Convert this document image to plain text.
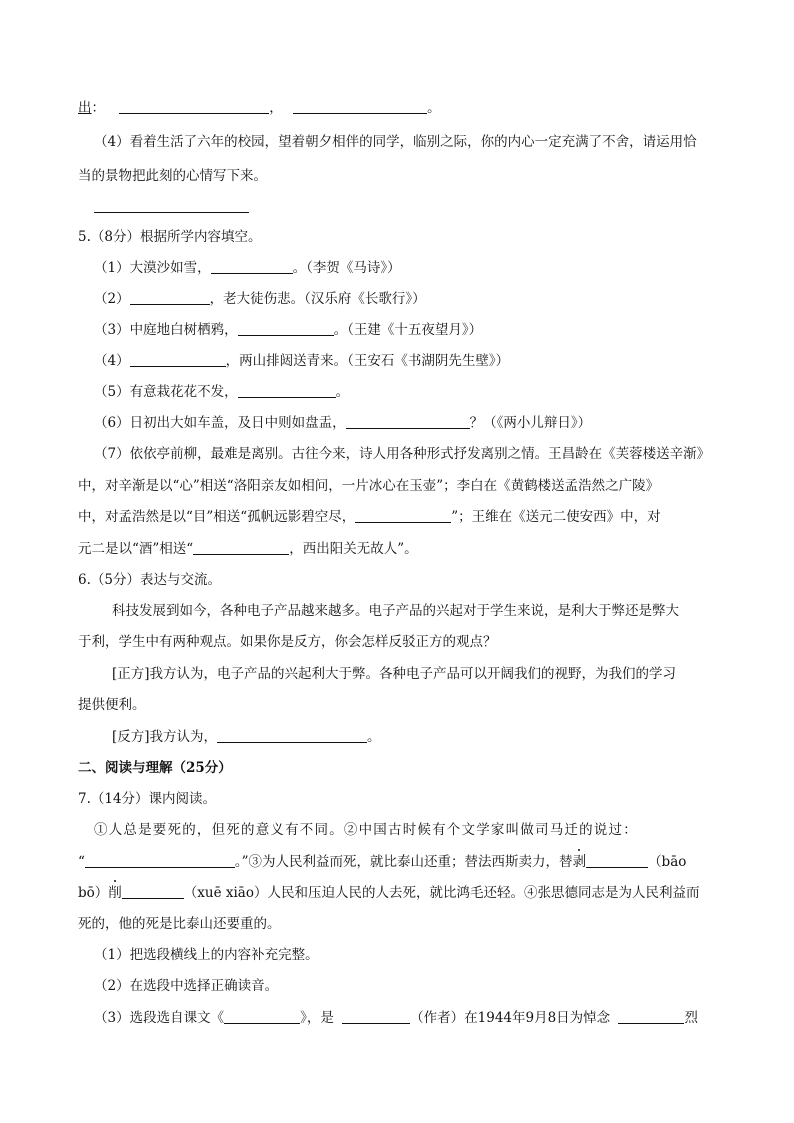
出：	，	。
（4）看着生活了六年的校园，望着朝夕相伴的同学，临别之际，你的内心一定充满了不舍，请运用恰
当的景物把此刻的心情写下来。
5.（8分）根据所学内容填空。
（1）大漠沙如雪，	。（李贺《马诗》）
（2）	，老大徒伤悲。（汉乐府《长歌行》）
（3）中庭地白树栖鸦，	。（王建《十五夜望月》）
（4）	，两山排闼送青来。（王安石《书湖阴先生壁》）
（5）有意栽花花不发，	。
（6）日初出大如车盖，及日中则如盘盂，	？（《两小儿辩日》）
（7）依依亭前柳，最难是离别。古往今来，诗人用各种形式抒发离别之情。王昌龄在《芙蓉楼送辛渐》
中，对辛渐是以“心”相送“洛阳亲友如相问，一片冰心在玉壶”；李白在《黄鹤楼送孟浩然之广陵》
中，对孟浩然是以“目”相送“孤帆远影碧空尽，	”；王维在《送元二使安西》中，对
元二是以“酒”相送“	，西出阳关无故人”。
6.（5分）表达与交流。
科技发展到如今，各种电子产品越来越多。电子产品的兴起对于学生来说，是利大于弊还是弊大
于利，学生中有两种观点。如果你是反方，你会怎样反驳正方的观点？
[正方]我方认为，电子产品的兴起利大于弊。各种电子产品可以开阔我们的视野，为我们的学习
提供便利。
[反方]我方认为，	。
二、阅读与理解（25分）
7.（14分）课内阅读。
①人总是要死的，但死的意义有不同。②中国古时候有个文学家叫做司马迁的说过：
“	。”③为人民利益而死，就比泰山还重；替法西斯卖力，替剥	（bāo
bō）削	（xuē xiāo）人民和压迫人民的人去死，就比鸿毛还轻。④张思德同志是为人民利益而
死的，他的死是比泰山还要重的。
（1）把选段横线上的内容补充完整。
（2）在选段中选择正确读音。
（3）选段选自课文《	》，是	（作者）在1944年9月8日为悼念	烈
